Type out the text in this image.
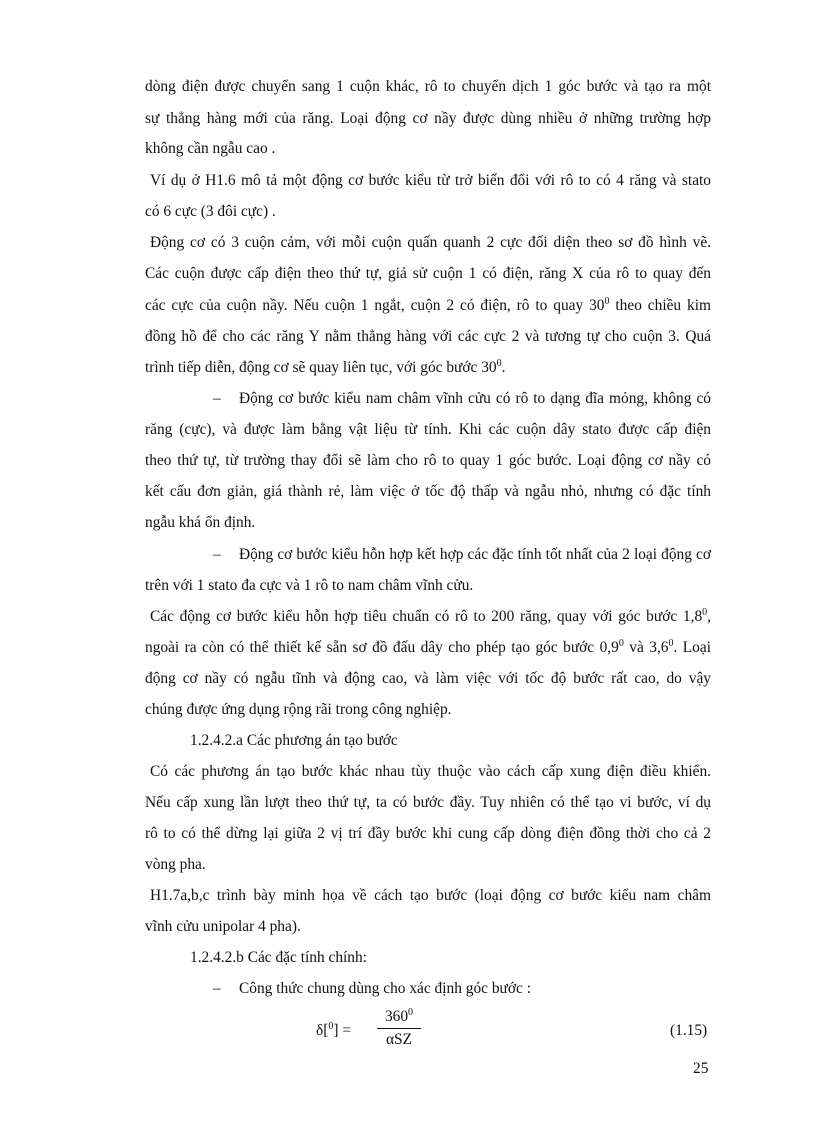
dòng điện được chuyển sang 1 cuộn khác, rô to chuyển dịch 1 góc bước và tạo ra một
sự thẳng hàng mới của răng. Loại động cơ nầy được dùng nhiều ở những trường hợp
không cần ngẫu cao .
Ví dụ ở H1.6 mô tả một động cơ bước kiểu từ trở biến đổi với rô to có 4 răng và stato
có 6 cực (3 đôi cực) .
Động cơ có 3 cuộn cảm, với mỗi cuộn quấn quanh 2 cực đối diện theo sơ đồ hình vẽ.
Các cuộn được cấp điện theo thứ tự, giả sử cuộn 1 có điện, răng X của rô to quay đến
các cực của cuộn nầy. Nếu cuộn 1 ngắt, cuộn 2 có điện, rô to quay $30^0$ theo chiều kim
đồng hồ để cho các răng Y nằm thẳng hàng với các cực 2 và tương tự cho cuộn 3. Quá
trình tiếp diễn, động cơ sẽ quay liên tục, với góc bước $30^0$.
– Động cơ bước kiểu nam châm vĩnh cửu có rô to dạng đĩa mỏng, không có
răng (cực), và được làm bằng vật liệu từ tính. Khi các cuộn dây stato được cấp điện
theo thứ tự, từ trường thay đổi sẽ làm cho rô to quay 1 góc bước. Loại động cơ nầy có
kết cấu đơn giản, giá thành rẻ, làm việc ở tốc độ thấp và ngẫu nhỏ, nhưng có đặc tính
ngẫu khá ổn định.
– Động cơ bước kiểu hỗn hợp kết hợp các đặc tính tốt nhất của 2 loại động cơ
trên với 1 stato đa cực và 1 rô to nam châm vĩnh cửu.
Các động cơ bước kiểu hỗn hợp tiêu chuẩn có rô to 200 răng, quay với góc bước $1,8^0$,
ngoài ra còn có thể thiết kế sẵn sơ đồ đấu dây cho phép tạo góc bước $0,9^0$ và $3,6^0$. Loại
động cơ nầy có ngẫu tĩnh và động cao, và làm việc với tốc độ bước rất cao, do vậy
chúng được ứng dụng rộng rãi trong công nghiệp.
1.2.4.2.a Các phương án tạo bước
Có các phương án tạo bước khác nhau tùy thuộc vào cách cấp xung điện điều khiển.
Nếu cấp xung lần lượt theo thứ tự, ta có bước đầy. Tuy nhiên có thể tạo vi bước, ví dụ
rô to có thể dừng lại giữa 2 vị trí đầy bước khi cung cấp dòng điện đồng thời cho cả 2
vòng pha.
H1.7a,b,c trình bày minh họa về cách tạo bước (loại động cơ bước kiểu nam châm
vĩnh cửu unipolar 4 pha).
1.2.4.2.b Các đặc tính chính:
– Công thức chung dùng cho xác định góc bước :
δ[$^0$] =
$360^0$
αSZ
(1.15)
25
